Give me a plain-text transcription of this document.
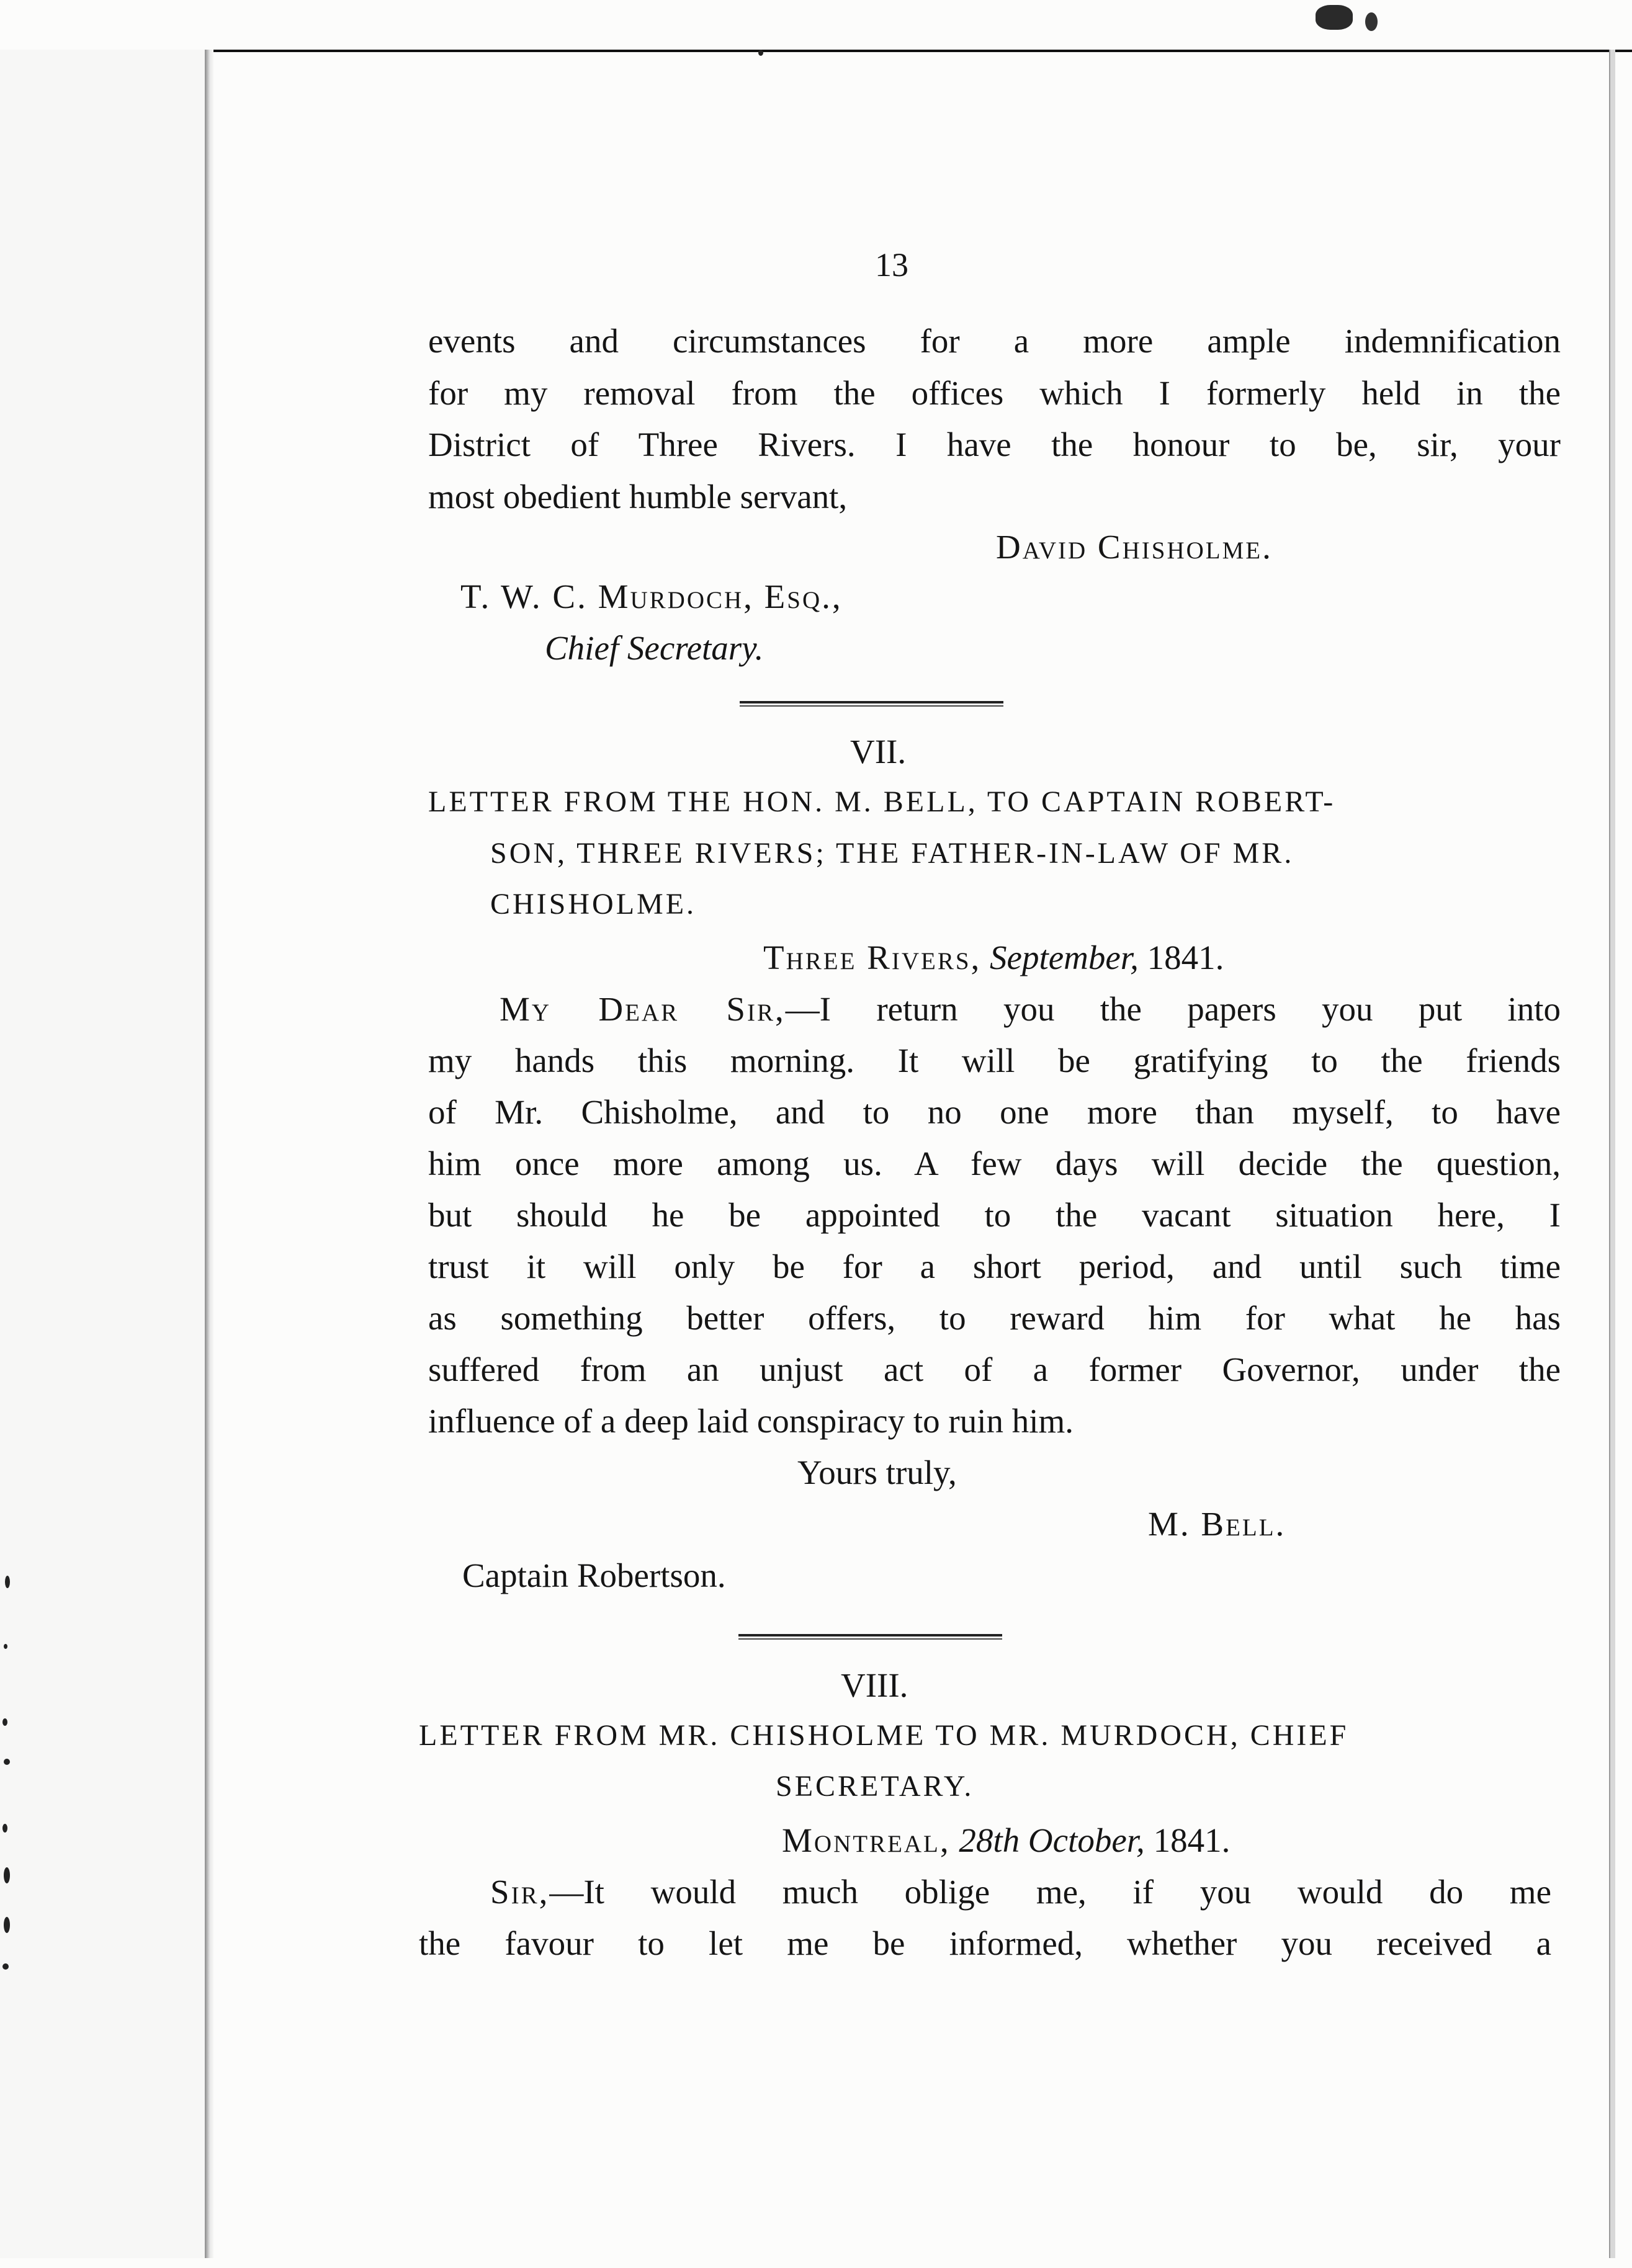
13
events and circumstances for a more ample indemnification
for my removal from the offices which I formerly held in the
District of Three Rivers. I have the honour to be, sir, your
most obedient humble servant,
David Chisholme.
T. W. C. Murdoch, Esq.,
Chief Secretary.
VII.
LETTER FROM THE HON. M. BELL, TO CAPTAIN ROBERT-
SON, THREE RIVERS; THE FATHER-IN-LAW OF MR.
CHISHOLME.
Three Rivers, September, 1841.
My Dear Sir,—I return you the papers you put into
my hands this morning. It will be gratifying to the friends
of Mr. Chisholme, and to no one more than myself, to have
him once more among us. A few days will decide the question,
but should he be appointed to the vacant situation here, I
trust it will only be for a short period, and until such time
as something better offers, to reward him for what he has
suffered from an unjust act of a former Governor, under the
influence of a deep laid conspiracy to ruin him.
Yours truly,
M. Bell.
Captain Robertson.
VIII.
LETTER FROM MR. CHISHOLME TO MR. MURDOCH, CHIEF
SECRETARY.
Montreal, 28th October, 1841.
Sir,—It would much oblige me, if you would do me
the favour to let me be informed, whether you received a
